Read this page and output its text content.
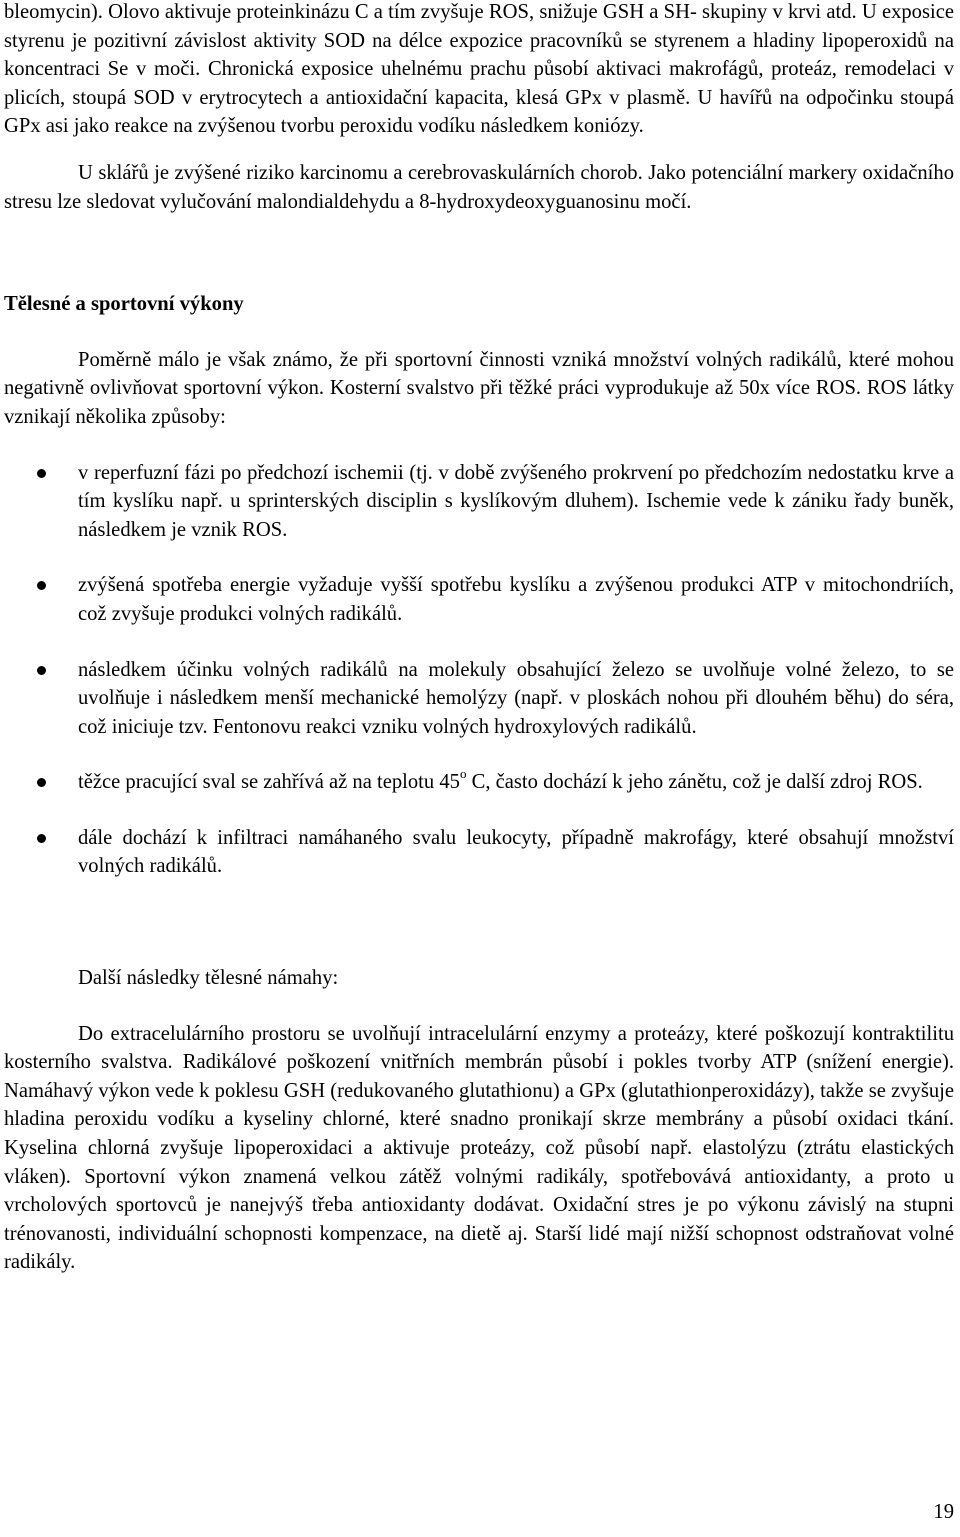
bleomycin). Olovo aktivuje proteinkinázu C a tím zvyšuje ROS, snižuje GSH a SH- skupiny v krvi atd. U exposice styrenu je pozitivní závislost aktivity SOD na délce expozice pracovníků se styrenem a hladiny lipoperoxidů na koncentraci Se v moči. Chronická exposice uhelnému prachu působí aktivaci makrofágů, proteáz, remodelaci v plicích, stoupá SOD v erytrocytech a antioxidační kapacita, klesá GPx v plasmě. U havířů na odpočinku stoupá GPx asi jako reakce na zvýšenou tvorbu peroxidu vodíku následkem koniózy.

U sklářů je zvýšené riziko karcinomu a cerebrovaskulárních chorob. Jako potenciální markery oxidačního stresu lze sledovat vylučování malondialdehydu a 8-hydroxydeoxyguanosinu močí.

Tělesné a sportovní výkony

Poměrně málo je však známo, že při sportovní činnosti vzniká množství volných radikálů, které mohou negativně ovlivňovat sportovní výkon. Kosterní svalstvo při těžké práci vyprodukuje až 50x více ROS. ROS látky vznikají několika způsoby:

v reperfuzní fázi po předchozí ischemii (tj. v době zvýšeného prokrvení po předchozím nedostatku krve a tím kyslíku např. u sprinterských disciplin s kyslíkovým dluhem). Ischemie vede k zániku řady buněk, následkem je vznik ROS.
zvýšená spotřeba energie vyžaduje vyšší spotřebu kyslíku a zvýšenou produkci ATP v mitochondriích, což zvyšuje produkci volných radikálů.
následkem účinku volných radikálů na molekuly obsahující železo se uvolňuje volné železo, to se uvolňuje i následkem menší mechanické hemolýzy (např. v ploskách nohou při dlouhém běhu) do séra, což iniciuje tzv. Fentonovu reakci vzniku volných hydroxylových radikálů.
těžce pracující sval se zahřívá až na teplotu 45$^o$ C, často dochází k jeho zánětu, což je další zdroj ROS.
dále dochází k infiltraci namáhaného svalu leukocyty, případně makrofágy, které obsahují množství volných radikálů.

Další následky tělesné námahy:

Do extracelulárního prostoru se uvolňují intracelulární enzymy a proteázy, které poškozují kontraktilitu kosterního svalstva. Radikálové poškození vnitřních membrán působí i pokles tvorby ATP (snížení energie). Namáhavý výkon vede k poklesu GSH (redukovaného glutathionu) a GPx (glutathionperoxidázy), takže se zvyšuje hladina peroxidu vodíku a kyseliny chlorné, které snadno pronikají skrze membrány a působí oxidaci tkání. Kyselina chlorná zvyšuje lipoperoxidaci a aktivuje proteázy, což působí např. elastolýzu (ztrátu elastických vláken). Sportovní výkon znamená velkou zátěž volnými radikály, spotřebovává antioxidanty, a proto u vrcholových sportovců je nanejvýš třeba antioxidanty dodávat. Oxidační stres je po výkonu závislý na stupni trénovanosti, individuální schopnosti kompenzace, na dietě aj. Starší lidé mají nižší schopnost odstraňovat volné radikály.

19
